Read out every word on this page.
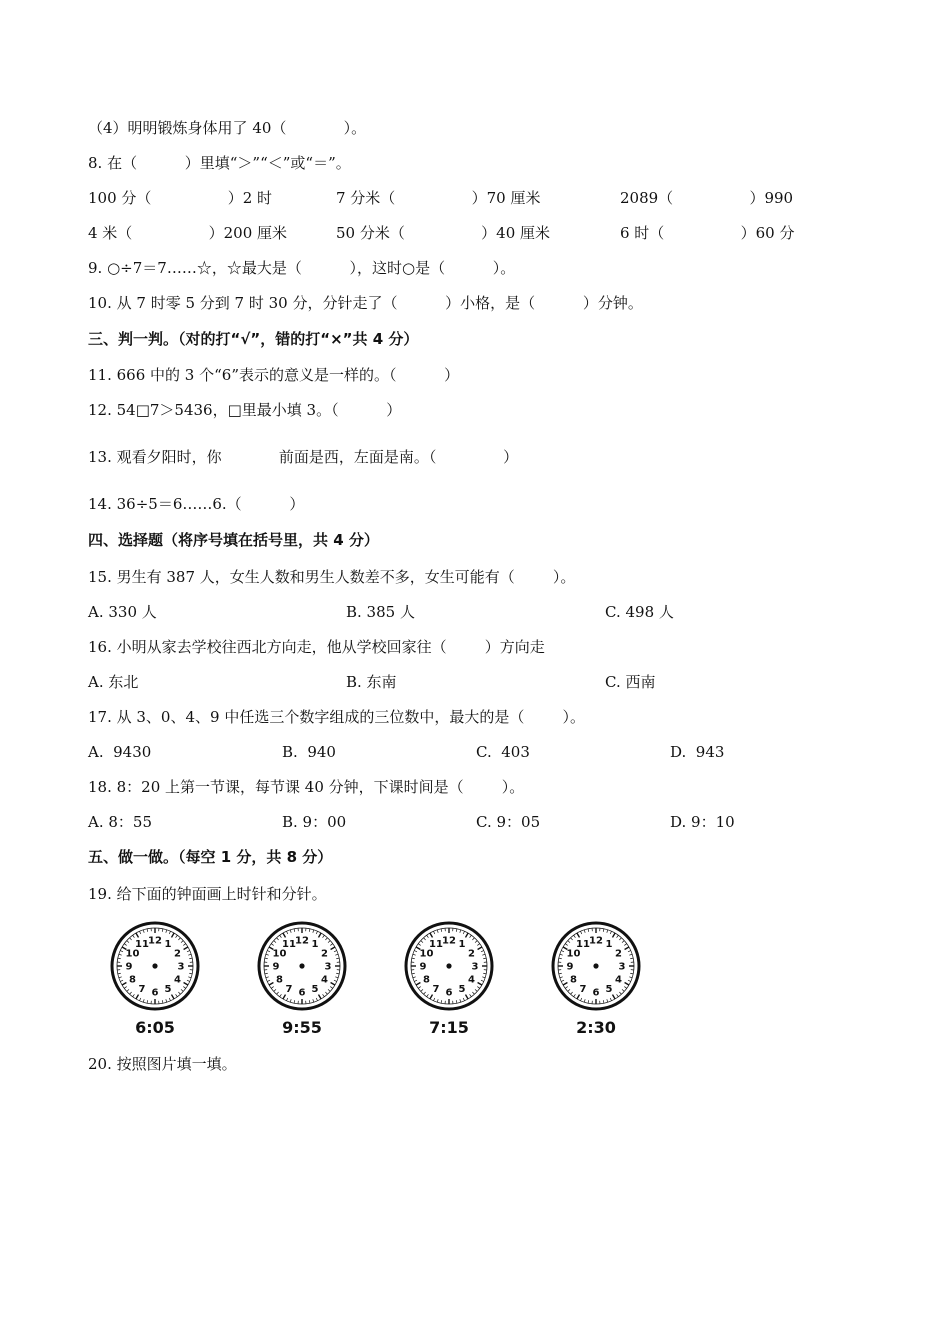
（4）明明锻炼身体用了 40（            ）。
8. 在（          ）里填“＞”“＜”或“＝”。
100 分（                ）2 时	7 分米（                ）70 厘米	2089（                ）990
4 米（                ）200 厘米	50 分米（                ）40 厘米	6 时（                ）60 分
9. ○÷7＝7……☆，☆最大是（          ），这时○是（          ）。
10. 从 7 时零 5 分到 7 时 30 分，分针走了（          ）小格，是（          ）分钟。
三、判一判。（对的打“√”，错的打“×”共 4 分）
11. 666 中的 3 个“6”表示的意义是一样的。（          ）
12. 54□7＞5436，□里最小填 3。（          ）
13. 观看夕阳时，你            前面是西，左面是南。（              ）
14. 36÷5＝6……6.（          ）
四、选择题（将序号填在括号里，共 4 分）
15. 男生有 387 人，女生人数和男生人数差不多，女生可能有（        ）。
A. 330 人	B. 385 人	C. 498 人
16. 小明从家去学校往西北方向走，他从学校回家往（        ）方向走
A. 东北	B. 东南	C. 西南
17. 从 3、0、4、9 中任选三个数字组成的三位数中，最大的是（        ）。
A.  9430	B.  940	C.  403	D.  943
18. 8：20 上第一节课，每节课 40 分钟，下课时间是（        ）。
A. 8：55	B. 9：00	C. 9：05	D. 9：10
五、做一做。（每空 1 分，共 8 分）
19. 给下面的钟面画上时针和分针。
12 1
2
3
4
5
6
7
8
9
10
11
6:05
12 1
2
3
4
5
6
7
8
9
10
11
9:55
12 1
2
3
4
5
6
7
8
9
10
11
7:15
12 1
2
3
4
5
6
7
8
9
10
11
2:30
20. 按照图片填一填。
